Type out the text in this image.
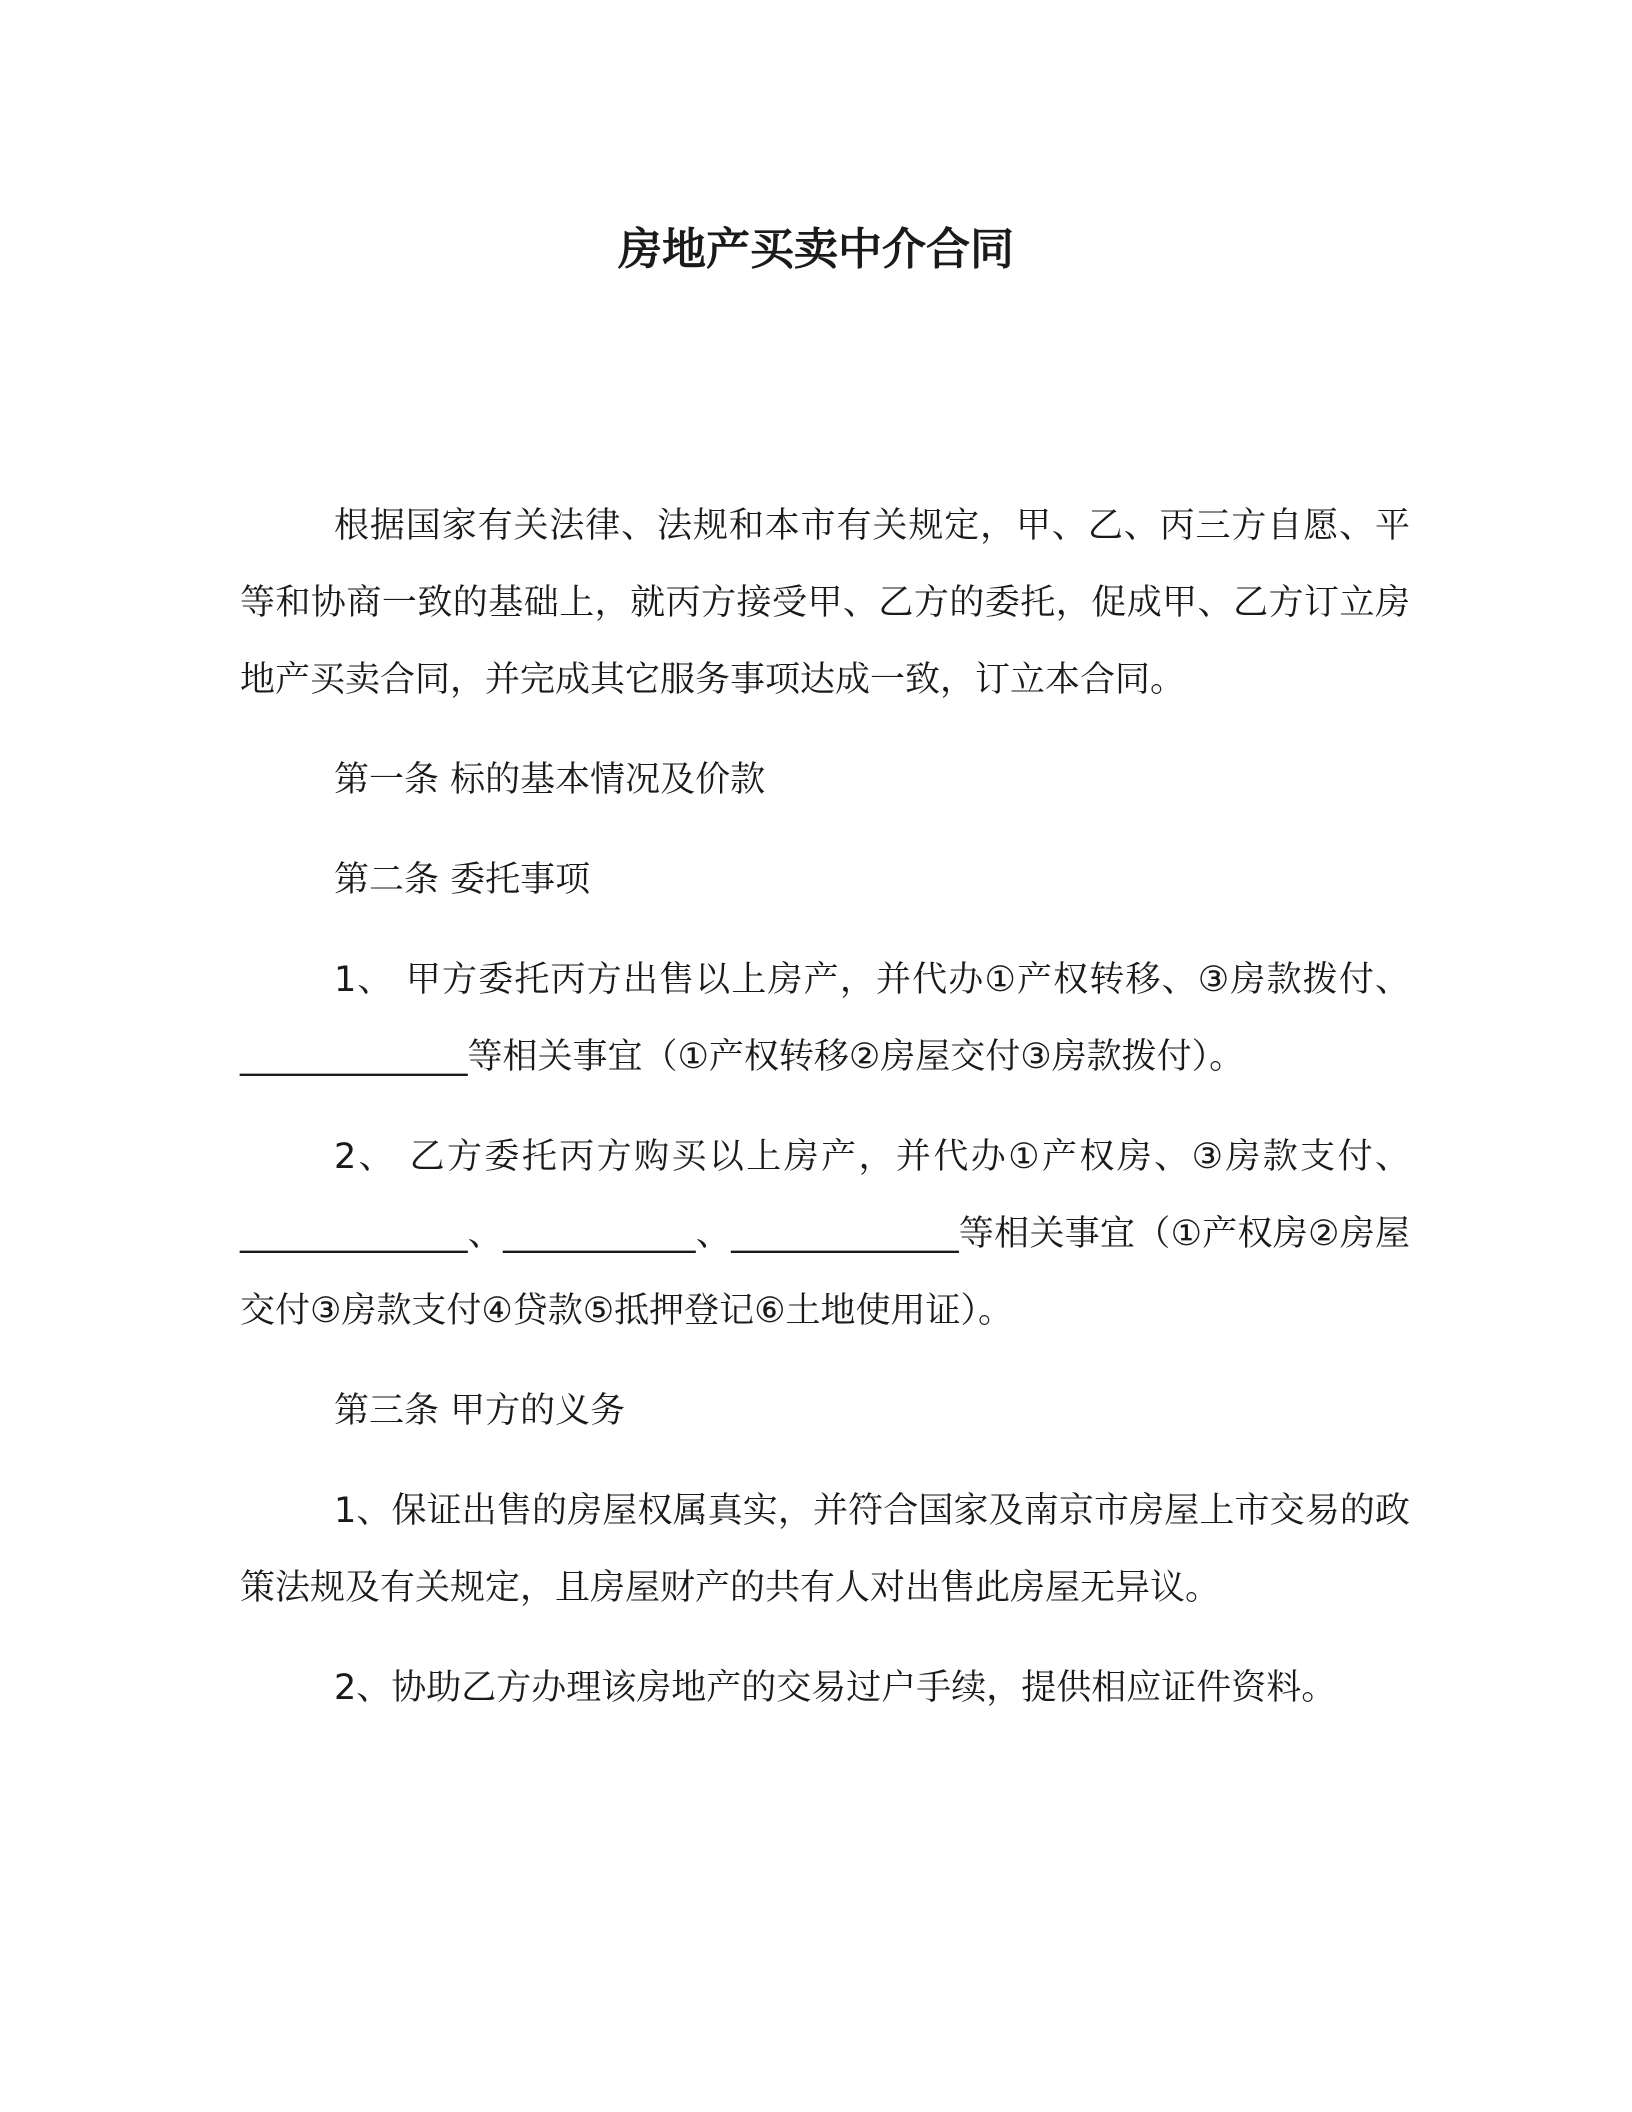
房地产买卖中介合同

根据国家有关法律、法规和本市有关规定，甲、乙、丙三方自愿、平等和协商一致的基础上，就丙方接受甲、乙方的委托，促成甲、乙方订立房地产买卖合同，并完成其它服务事项达成一致，订立本合同。

第一条 标的基本情况及价款

第二条 委托事项

1、 甲方委托丙方出售以上房产，并代办①产权转移、③房款拨付、_____________等相关事宜（①产权转移②房屋交付③房款拨付）。

2、 乙方委托丙方购买以上房产，并代办①产权房、③房款支付、_____________、___________、_____________等相关事宜（①产权房②房屋交付③房款支付④贷款⑤抵押登记⑥土地使用证）。

第三条 甲方的义务

1、保证出售的房屋权属真实，并符合国家及南京市房屋上市交易的政策法规及有关规定，且房屋财产的共有人对出售此房屋无异议。

2、协助乙方办理该房地产的交易过户手续，提供相应证件资料。
